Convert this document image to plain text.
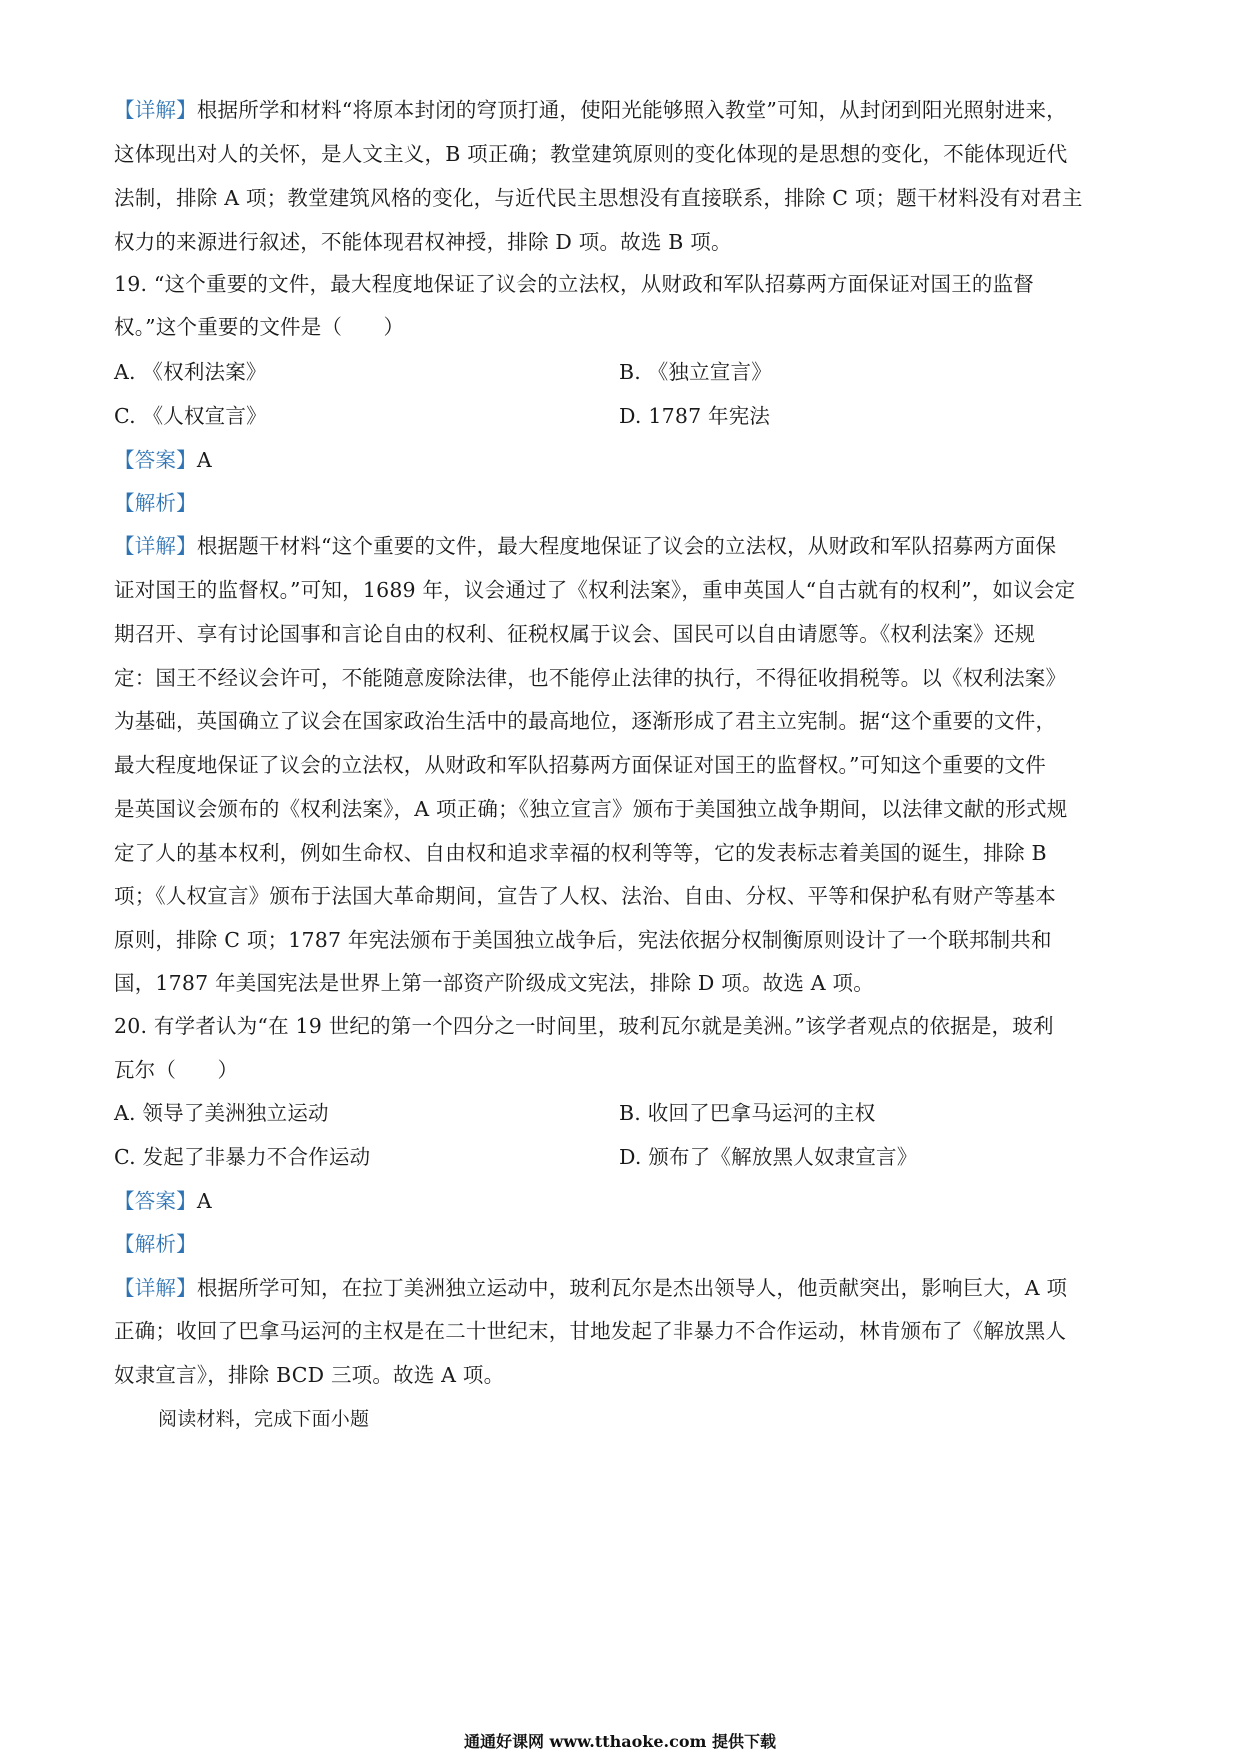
【详解】根据所学和材料“将原本封闭的穹顶打通，使阳光能够照入教堂”可知，从封闭到阳光照射进来，
这体现出对人的关怀，是人文主义，B 项正确；教堂建筑原则的变化体现的是思想的变化，不能体现近代
法制，排除 A 项；教堂建筑风格的变化，与近代民主思想没有直接联系，排除 C 项；题干材料没有对君主
权力的来源进行叙述，不能体现君权神授，排除 D 项。故选 B 项。
19. “这个重要的文件，最大程度地保证了议会的立法权，从财政和军队招募两方面保证对国王的监督
权。”这个重要的文件是（　　）
A. 《权利法案》	B. 《独立宣言》
C. 《人权宣言》	D. 1787 年宪法
【答案】A
【解析】
【详解】根据题干材料“这个重要的文件，最大程度地保证了议会的立法权，从财政和军队招募两方面保
证对国王的监督权。”可知，1689 年，议会通过了《权利法案》，重申英国人“自古就有的权利”，如议会定
期召开、享有讨论国事和言论自由的权利、征税权属于议会、国民可以自由请愿等。《权利法案》还规
定：国王不经议会许可，不能随意废除法律，也不能停止法律的执行，不得征收捐税等。以《权利法案》
为基础，英国确立了议会在国家政治生活中的最高地位，逐渐形成了君主立宪制。据“这个重要的文件，
最大程度地保证了议会的立法权，从财政和军队招募两方面保证对国王的监督权。”可知这个重要的文件
是英国议会颁布的《权利法案》，A 项正确；《独立宣言》颁布于美国独立战争期间，以法律文献的形式规
定了人的基本权利，例如生命权、自由权和追求幸福的权利等等，它的发表标志着美国的诞生，排除 B
项；《人权宣言》颁布于法国大革命期间，宣告了人权、法治、自由、分权、平等和保护私有财产等基本
原则，排除 C 项；1787 年宪法颁布于美国独立战争后，宪法依据分权制衡原则设计了一个联邦制共和
国，1787 年美国宪法是世界上第一部资产阶级成文宪法，排除 D 项。故选 A 项。
20. 有学者认为“在 19 世纪的第一个四分之一时间里，玻利瓦尔就是美洲。”该学者观点的依据是，玻利
瓦尔（　　）
A. 领导了美洲独立运动	B. 收回了巴拿马运河的主权
C. 发起了非暴力不合作运动	D. 颁布了《解放黑人奴隶宣言》
【答案】A
【解析】
【详解】根据所学可知，在拉丁美洲独立运动中，玻利瓦尔是杰出领导人，他贡献突出，影响巨大，A 项
正确；收回了巴拿马运河的主权是在二十世纪末，甘地发起了非暴力不合作运动，林肯颁布了《解放黑人
奴隶宣言》，排除 BCD 三项。故选 A 项。
阅读材料，完成下面小题
通通好课网 www.tthaoke.com 提供下载
